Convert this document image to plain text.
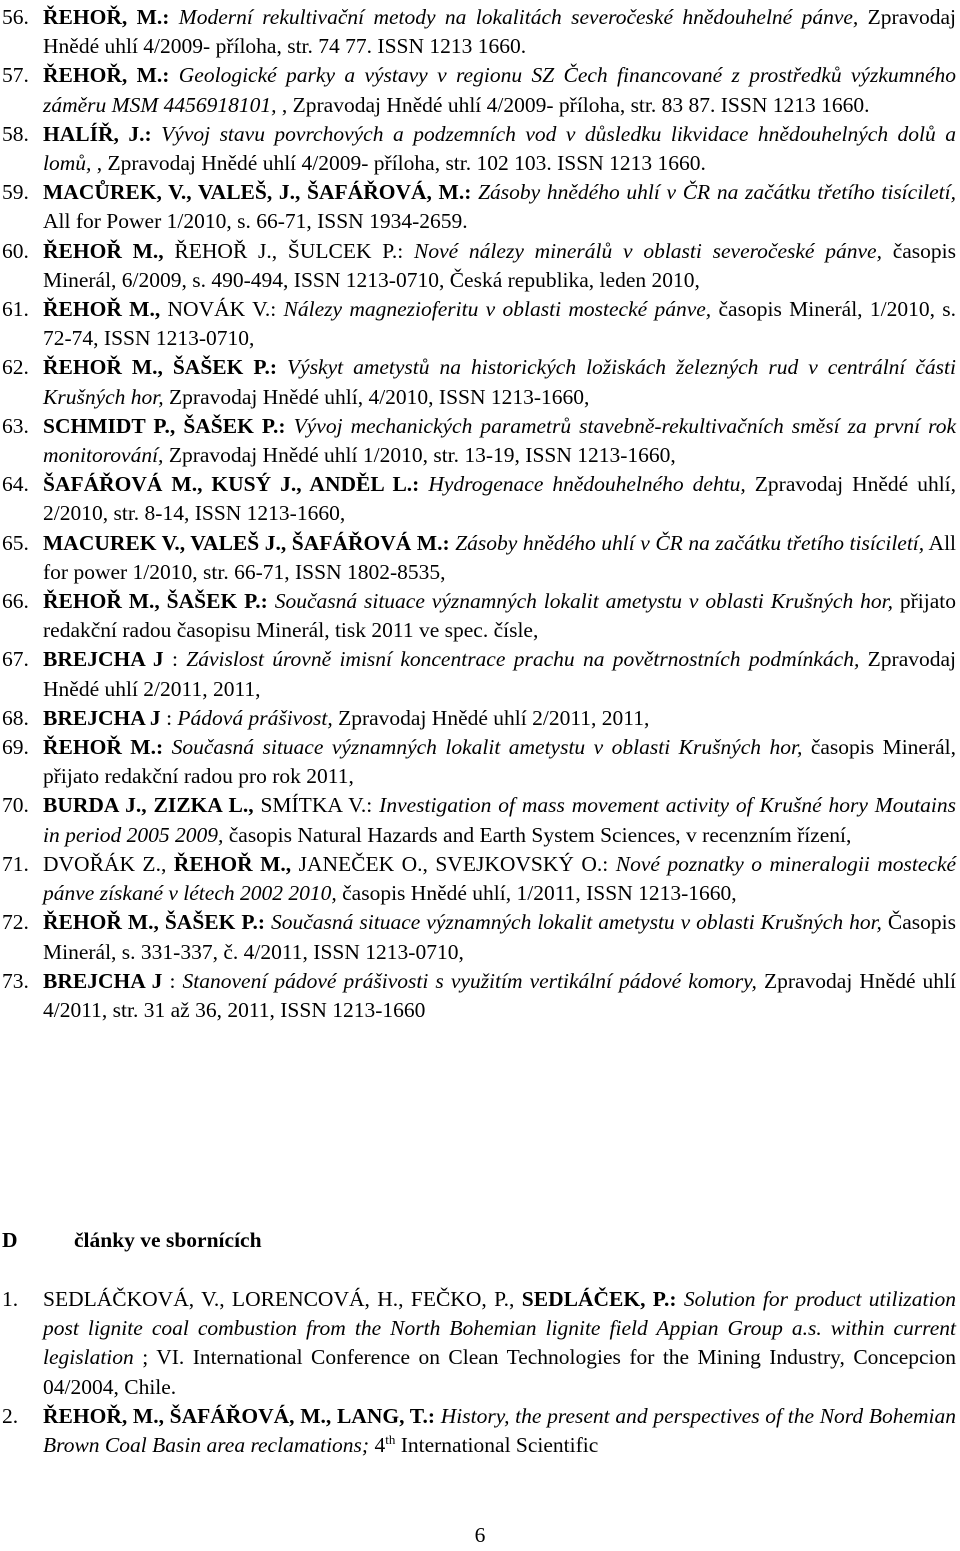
56. ŘEHOŘ, M.: Moderní rekultivační metody na lokalitách severočeské hnědouhelné pánve, Zpravodaj Hnědé uhlí 4/2009- příloha, str. 74 77. ISSN 1213 1660.
57. ŘEHOŘ, M.: Geologické parky a výstavy v regionu SZ Čech financované z prostředků výzkumného záměru MSM 4456918101, , Zpravodaj Hnědé uhlí 4/2009- příloha, str. 83 87. ISSN 1213 1660.
58. HALÍŘ, J.: Vývoj stavu povrchových a podzemních vod v důsledku likvidace hnědouhelných dolů a lomů, , Zpravodaj Hnědé uhlí 4/2009- příloha, str. 102 103. ISSN 1213 1660.
59. MACŮREK, V., VALEŠ, J., ŠAFÁŘOVÁ, M.: Zásoby hnědého uhlí v ČR na začátku třetího tisíciletí, All for Power 1/2010, s. 66-71, ISSN 1934-2659.
60. ŘEHOŘ M., ŘEHOŘ J., ŠULCEK P.: Nové nálezy minerálů v oblasti severočeské pánve, časopis Minerál, 6/2009, s. 490-494, ISSN 1213-0710, Česká republika, leden 2010,
61. ŘEHOŘ M., NOVÁK V.: Nálezy magnezioferitu v oblasti mostecké pánve, časopis Minerál, 1/2010, s. 72-74, ISSN 1213-0710,
62. ŘEHOŘ M., ŠAŠEK P.: Výskyt ametystů na historických ložiskách železných rud v centrální části Krušných hor, Zpravodaj Hnědé uhlí, 4/2010, ISSN 1213-1660,
63. SCHMIDT P., ŠAŠEK P.: Vývoj mechanických parametrů stavebně-rekultivačních směsí za první rok monitorování, Zpravodaj Hnědé uhlí 1/2010, str. 13-19, ISSN 1213-1660,
64. ŠAFÁŘOVÁ M., KUSÝ J., ANDĚL L.: Hydrogenace hnědouhelného dehtu, Zpravodaj Hnědé uhlí, 2/2010, str. 8-14, ISSN 1213-1660,
65. MACUREK V., VALEŠ J., ŠAFÁŘOVÁ M.: Zásoby hnědého uhlí v ČR na začátku třetího tisíciletí, All for power 1/2010, str. 66-71, ISSN 1802-8535,
66. ŘEHOŘ M., ŠAŠEK P.: Současná situace významných lokalit ametystu v oblasti Krušných hor, přijato redakční radou časopisu Minerál, tisk 2011 ve spec. čísle,
67. BREJCHA J : Závislost úrovně imisní koncentrace prachu na povětrnostních podmínkách, Zpravodaj Hnědé uhlí 2/2011, 2011,
68. BREJCHA J : Pádová prášivost, Zpravodaj Hnědé uhlí 2/2011, 2011,
69. ŘEHOŘ M.: Současná situace významných lokalit ametystu v oblasti Krušných hor, časopis Minerál, přijato redakční radou pro rok 2011,
70. BURDA J., ZIZKA L., SMÍTKA V.: Investigation of mass movement activity of Krušné hory Moutains in period 2005 2009, časopis Natural Hazards and Earth System Sciences, v recenzním řízení,
71. DVOŘÁK Z., ŘEHOŘ M., JANEČEK O., SVEJKOVSKÝ O.: Nové poznatky o mineralogii mostecké pánve získané v létech 2002 2010, časopis Hnědé uhlí, 1/2011, ISSN 1213-1660,
72. ŘEHOŘ M., ŠAŠEK P.: Současná situace významných lokalit ametystu v oblasti Krušných hor, Časopis Minerál, s. 331-337, č. 4/2011, ISSN 1213-0710,
73. BREJCHA J : Stanovení pádové prášivosti s využitím vertikální pádové komory, Zpravodaj Hnědé uhlí 4/2011, str. 31 až 36, 2011, ISSN 1213-1660
D	články ve sbornících
1. SEDLÁČKOVÁ, V., LORENCOVÁ, H., FEČKO, P., SEDLÁČEK, P.: Solution for product utilization post lignite coal combustion from the North Bohemian lignite field Appian Group a.s. within current legislation ; VI. International Conference on Clean Technologies for the Mining Industry, Concepcion 04/2004, Chile.
2. ŘEHOŘ, M., ŠAFÁŘOVÁ, M., LANG, T.: History, the present and perspectives of the Nord Bohemian Brown Coal Basin area reclamations; 4th International Scientific
6
